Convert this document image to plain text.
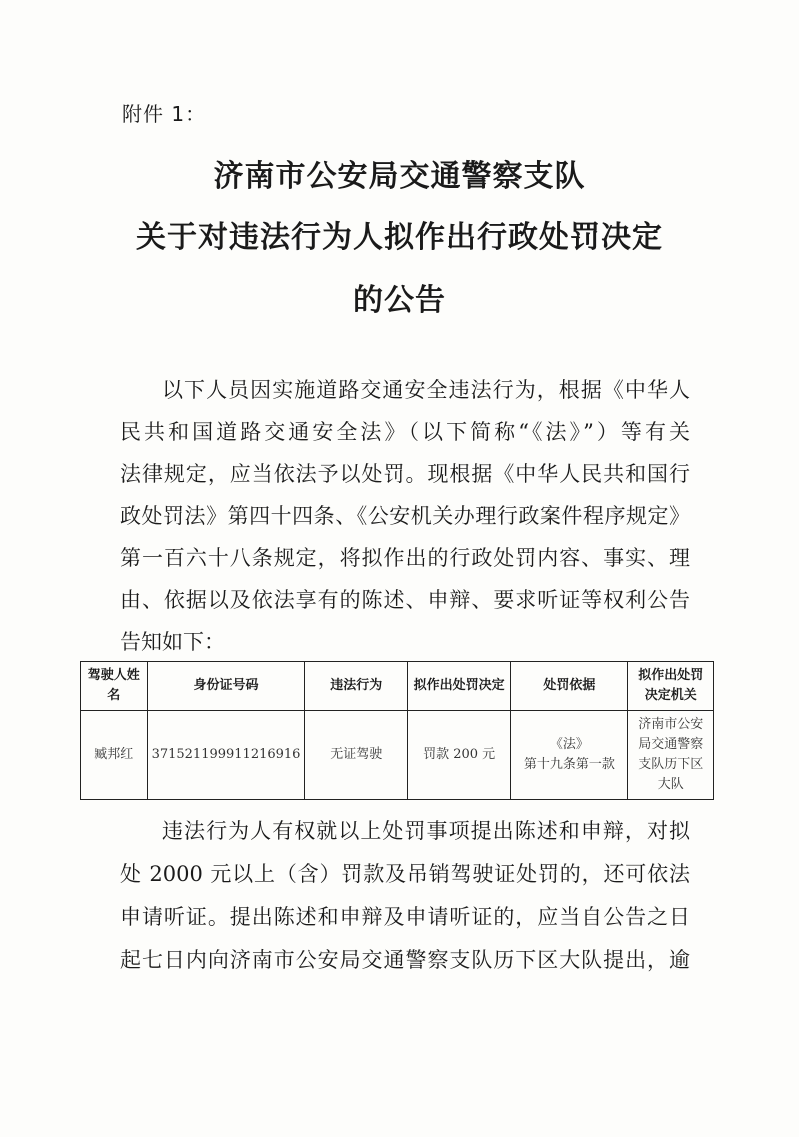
附件 1：
济南市公安局交通警察支队
关于对违法行为人拟作出行政处罚决定
的公告
以下人员因实施道路交通安全违法行为，根据《中华人
民共和国道路交通安全法》（以下简称“《法》”）等有关
法律规定，应当依法予以处罚。现根据《中华人民共和国行
政处罚法》第四十四条、《公安机关办理行政案件程序规定》
第一百六十八条规定，将拟作出的行政处罚内容、事实、理
由、依据以及依法享有的陈述、申辩、要求听证等权利公告
告知如下：
驾驶人姓名	身份证号码	违法行为	拟作出处罚决定	处罚依据	拟作出处罚决定机关
臧邦红	371521199911216916	无证驾驶	罚款 200 元	《法》
第十九条第一款	济南市公安局交通警察支队历下区大队
违法行为人有权就以上处罚事项提出陈述和申辩，对拟
处 2000 元以上（含）罚款及吊销驾驶证处罚的，还可依法
申请听证。提出陈述和申辩及申请听证的，应当自公告之日
起七日内向济南市公安局交通警察支队历下区大队提出，逾
